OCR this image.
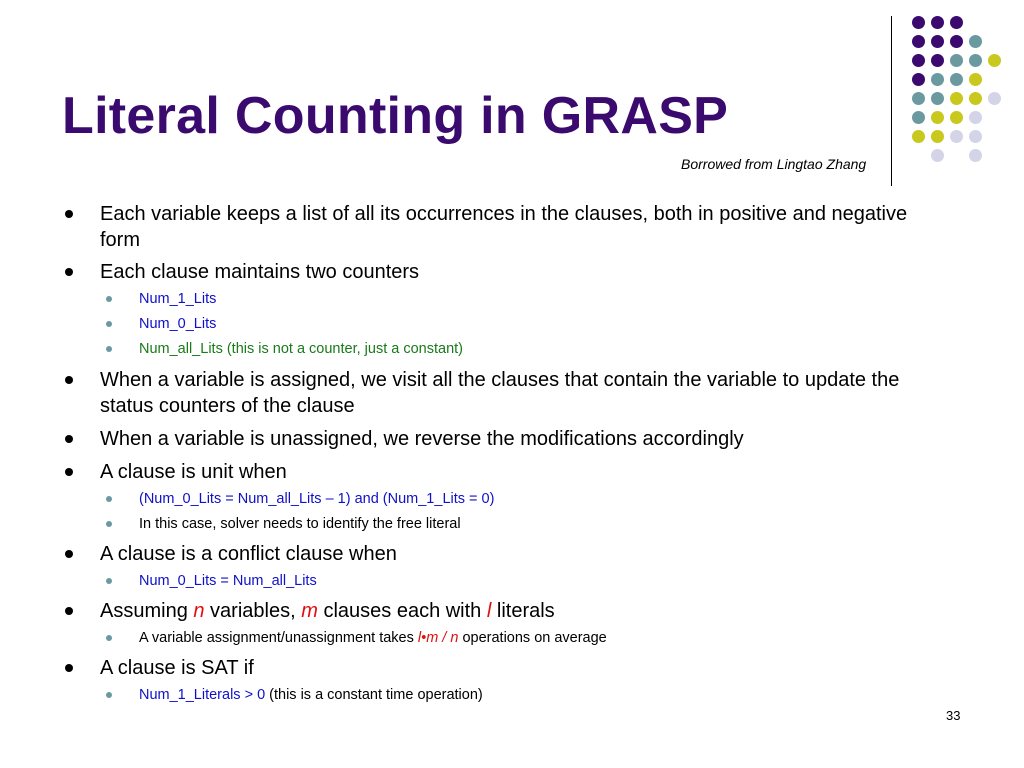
Literal Counting in GRASP
Borrowed from Lingtao Zhang
Each variable keeps a list of all its occurrences in the clauses, both in positive and negative form
Each clause maintains two counters
Num_1_Lits
Num_0_Lits
Num_all_Lits (this is not a counter, just a constant)
When a variable is assigned, we visit all the clauses that contain the variable to update the status counters of the clause
When a variable is unassigned, we reverse the modifications accordingly
A clause is unit when
(Num_0_Lits = Num_all_Lits – 1) and (Num_1_Lits = 0)
In this case, solver needs to identify the free literal
A clause is a conflict clause when
Num_0_Lits = Num_all_Lits
Assuming n variables, m clauses each with l literals
A variable assignment/unassignment takes l•m / n operations on average
A clause is SAT if
Num_1_Literals > 0 (this is a constant time operation)
33
